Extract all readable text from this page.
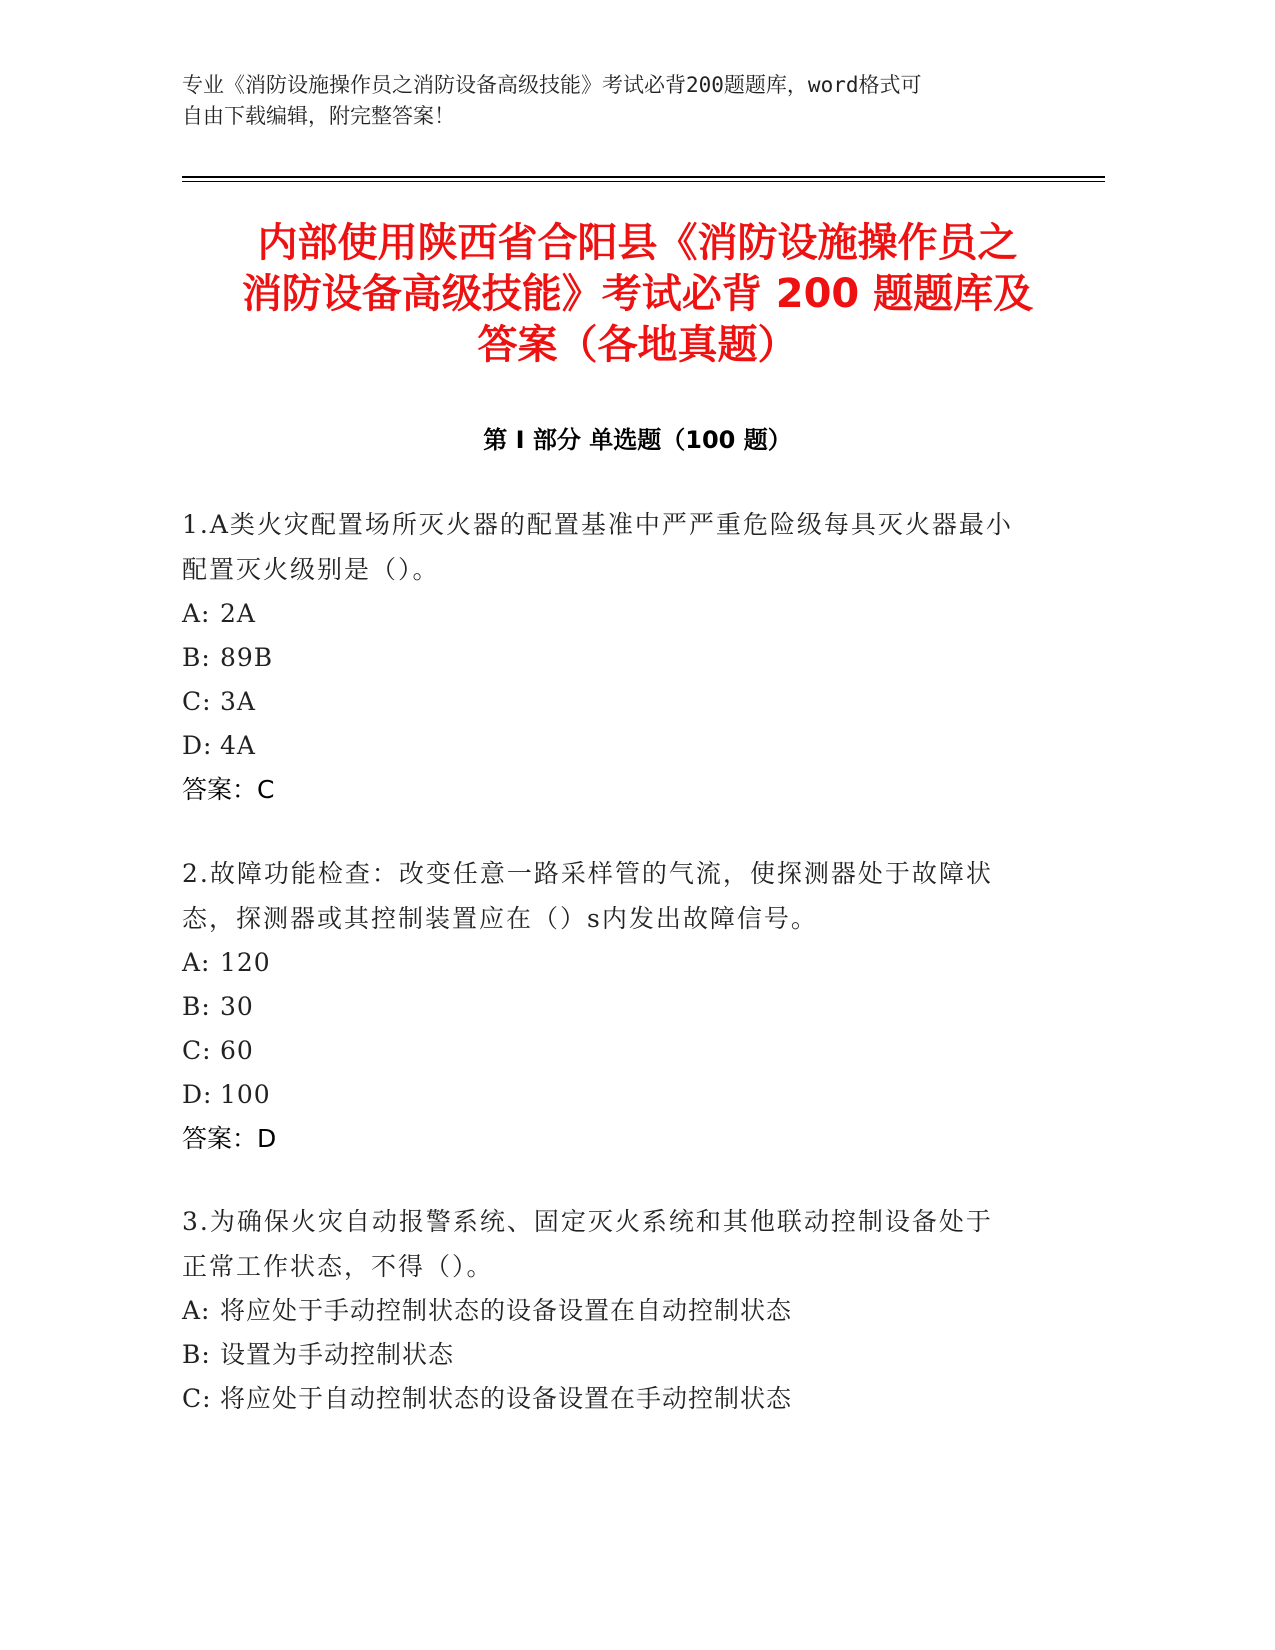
专业《消防设施操作员之消防设备高级技能》考试必背200题题库，word格式可

自由下载编辑，附完整答案！

内部使用陕西省合阳县《消防设施操作员之

消防设备高级技能》考试必背 200 题题库及

答案（各地真题）

第 I 部分 单选题（100 题）

1.A类火灾配置场所灭火器的配置基准中严严重危险级每具灭火器最小

配置灭火级别是（）。

A: 2A

B: 89B

C: 3A

D: 4A

答案：C

2.故障功能检查：改变任意一路采样管的气流，使探测器处于故障状

态，探测器或其控制装置应在（）s内发出故障信号。

A: 120

B: 30

C: 60

D: 100

答案：D

3.为确保火灾自动报警系统、固定灭火系统和其他联动控制设备处于

正常工作状态，不得（）。

A: 将应处于手动控制状态的设备设置在自动控制状态

B: 设置为手动控制状态

C: 将应处于自动控制状态的设备设置在手动控制状态
